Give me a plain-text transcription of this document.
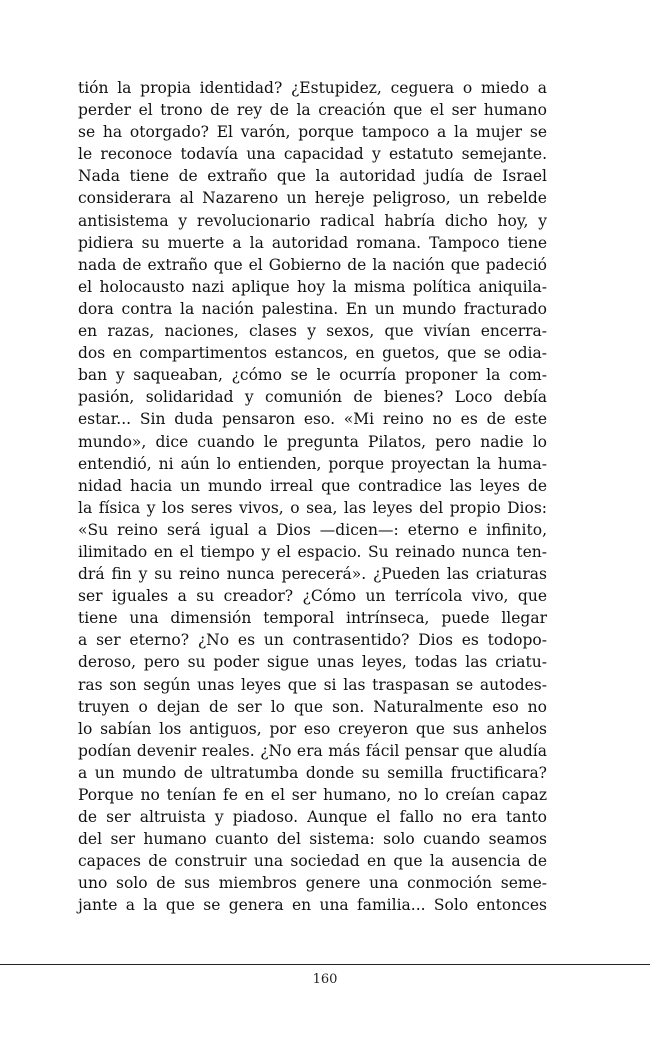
tión la propia identidad? ¿Estupidez, ceguera o miedo a
perder el trono de rey de la creación que el ser humano
se ha otorgado? El varón, porque tampoco a la mujer se
le reconoce todavía una capacidad y estatuto semejante.
Nada tiene de extraño que la autoridad judía de Israel
considerara al Nazareno un hereje peligroso, un rebelde
antisistema y revolucionario radical habría dicho hoy, y
pidiera su muerte a la autoridad romana. Tampoco tiene
nada de extraño que el Gobierno de la nación que padeció
el holocausto nazi aplique hoy la misma política aniquila-
dora contra la nación palestina. En un mundo fracturado
en razas, naciones, clases y sexos, que vivían encerra-
dos en compartimentos estancos, en guetos, que se odia-
ban y saqueaban, ¿cómo se le ocurría proponer la com-
pasión, solidaridad y comunión de bienes? Loco debía
estar... Sin duda pensaron eso. «Mi reino no es de este
mundo», dice cuando le pregunta Pilatos, pero nadie lo
entendió, ni aún lo entienden, porque proyectan la huma-
nidad hacia un mundo irreal que contradice las leyes de
la física y los seres vivos, o sea, las leyes del propio Dios:
«Su reino será igual a Dios —dicen—: eterno e infinito,
ilimitado en el tiempo y el espacio. Su reinado nunca ten-
drá fin y su reino nunca perecerá». ¿Pueden las criaturas
ser iguales a su creador? ¿Cómo un terrícola vivo, que
tiene una dimensión temporal intrínseca, puede llegar
a ser eterno? ¿No es un contrasentido? Dios es todopo-
deroso, pero su poder sigue unas leyes, todas las criatu-
ras son según unas leyes que si las traspasan se autodes-
truyen o dejan de ser lo que son. Naturalmente eso no
lo sabían los antiguos, por eso creyeron que sus anhelos
podían devenir reales. ¿No era más fácil pensar que aludía
a un mundo de ultratumba donde su semilla fructificara?
Porque no tenían fe en el ser humano, no lo creían capaz
de ser altruista y piadoso. Aunque el fallo no era tanto
del ser humano cuanto del sistema: solo cuando seamos
capaces de construir una sociedad en que la ausencia de
uno solo de sus miembros genere una conmoción seme-
jante a la que se genera en una familia... Solo entonces

160
